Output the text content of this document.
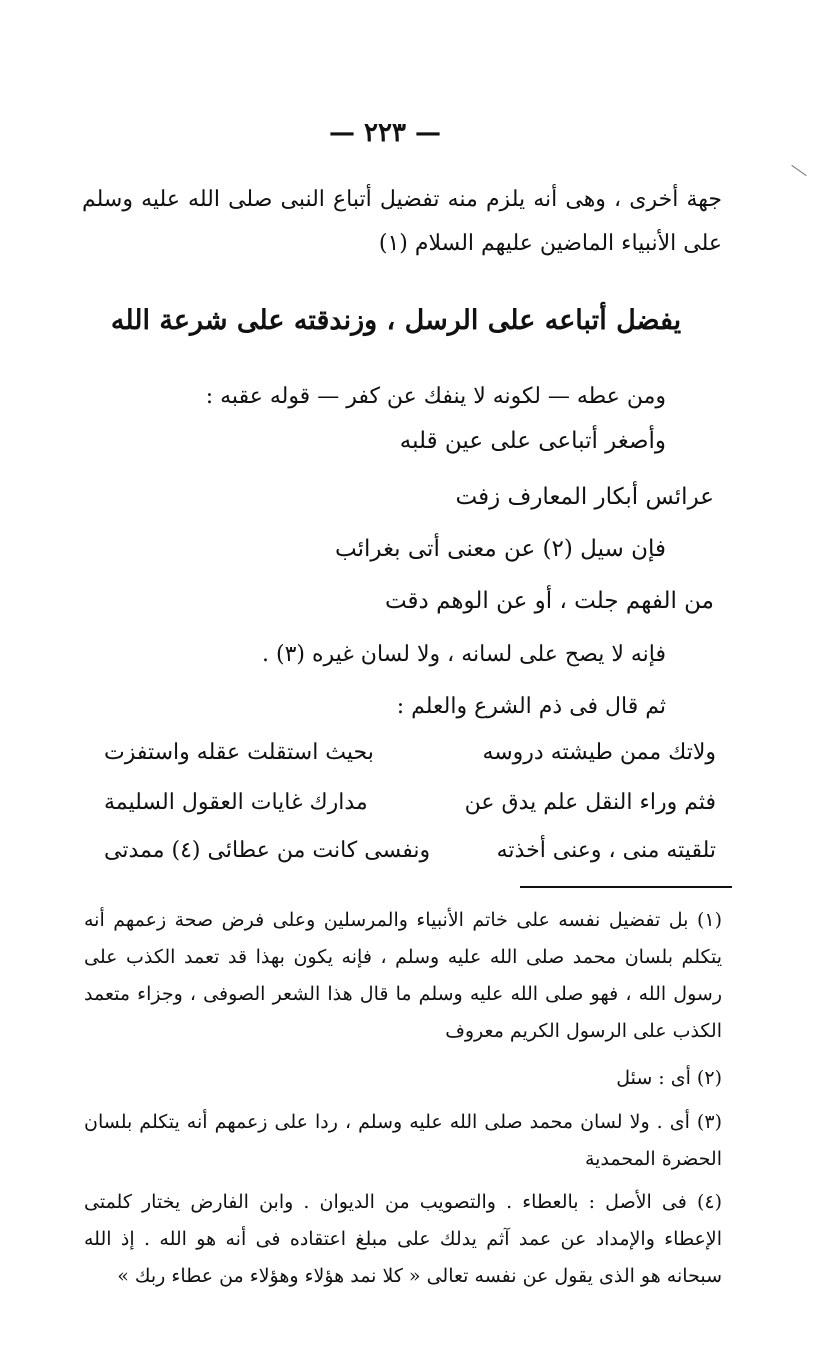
— ٢٢٣ —
جهة أخرى ، وهى أنه يلزم منه تفضيل أتباع النبى صلى الله عليه وسلم على الأنبياء الماضين عليهم السلام (١)
يفضل أتباعه على الرسل ، وزندقته على شرعة الله
ومن عطه — لكونه لا ينفك عن كفر — قوله عقبه :
وأصغر أتباعى على عين قلبه
عرائس أبكار المعارف زفت
فإن سيل (٢) عن معنى أتى بغرائب
من الفهم جلت ، أو عن الوهم دقت
فإنه لا يصح على لسانه ، ولا لسان غيره (٣) .
ثم قال فى ذم الشرع والعلم :
ولاتك ممن طيشته دروسه
بحيث استقلت عقله واستفزت
فثم وراء النقل علم يدق عن
مدارك غايات العقول السليمة
تلقيته منى ، وعنى أخذته
ونفسى كانت من عطائى (٤) ممدتى
(١) بل تفضيل نفسه على خاتم الأنبياء والمرسلين وعلى فرض صحة زعمهم أنه يتكلم بلسان محمد صلى الله عليه وسلم ، فإنه يكون بهذا قد تعمد الكذب على رسول الله ، فهو صلى الله عليه وسلم ما قال هذا الشعر الصوفى ، وجزاء متعمد الكذب على الرسول الكريم معروف
(٢) أى : سئل
(٣) أى . ولا لسان محمد صلى الله عليه وسلم ، ردا على زعمهم أنه يتكلم بلسان الحضرة المحمدية
(٤) فى الأصل : بالعطاء . والتصويب من الديوان . وابن الفارض يختار كلمتى الإعطاء والإمداد عن عمد آثم يدلك على مبلغ اعتقاده فى أنه هو الله . إذ الله سبحانه هو الذى يقول عن نفسه تعالى « كلا نمد هؤلاء وهؤلاء من عطاء ربك »
